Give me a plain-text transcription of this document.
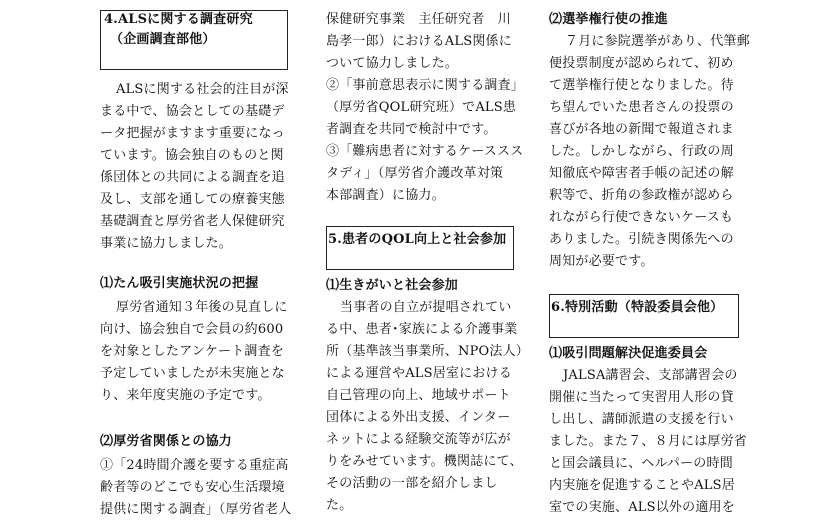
4.ALSに関する調査研究
（企画調査部他）
ALSに関する社会的注目が深
まる中で、協会としての基礎デ
ータ把握がますます重要になっ
ています。協会独自のものと関
係団体との共同による調査を追
及し、支部を通しての療養実態
基礎調査と厚労省老人保健研究
事業に協力しました。
⑴たん吸引実施状況の把握
厚労省通知３年後の見直しに
向け、協会独自で会員の約600
を対象としたアンケート調査を
予定していましたが未実施とな
り、来年度実施の予定です。
⑵厚労省関係との協力
①「24時間介護を要する重症高
齢者等のどこでも安心生活環境
提供に関する調査」（厚労省老人
保健研究事業　主任研究者　川
島孝一郎）におけるALS関係に
ついて協力しました。
②「事前意思表示に関する調査」
（厚労省QOL研究班）でALS患
者調査を共同で検討中です。
③「難病患者に対するケーススス
タディ」（厚労省介護改革対策
本部調査）に協力。
5.患者のQOL向上と社会参加
⑴生きがいと社会参加
当事者の自立が提唱されてい
る中、患者･家族による介護事業
所（基準該当事業所、NPO法人）
による運営やALS居室における
自己管理の向上、地域サポート
団体による外出支援、インター
ネットによる経験交流等が広が
りをみせています。機関誌にて、
その活動の一部を紹介しまし
た。
⑵選挙権行使の推進
７月に参院選挙があり、代筆郵
便投票制度が認められて、初め
て選挙権行使となりました。待
ち望んでいた患者さんの投票の
喜びが各地の新聞で報道されま
した。しかしながら、行政の周
知徹底や障害者手帳の記述の解
釈等で、折角の参政権が認めら
れながら行使できないケースも
ありました。引続き関係先への
周知が必要です。
6.特別活動（特設委員会他）
⑴吸引問題解決促進委員会
JALSA講習会、支部講習会の
開催に当たって実習用人形の貸
し出し、講師派遣の支援を行い
ました。また７、８月には厚労省
と国会議員に、ヘルパーの時間
内実施を促進することやALS居
室での実施、ALS以外の適用を
